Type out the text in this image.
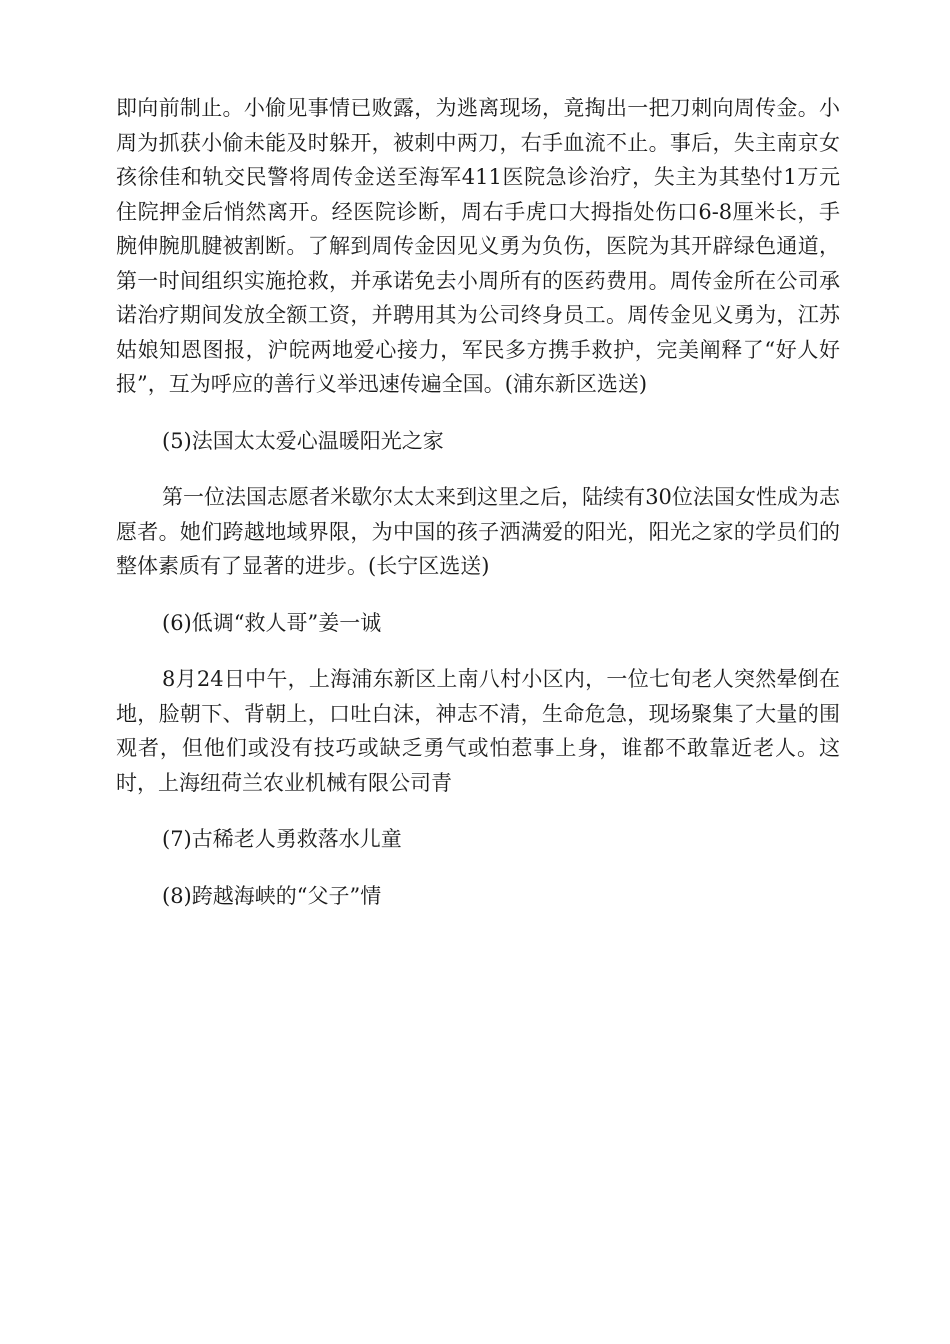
即向前制止。小偷见事情已败露，为逃离现场，竟掏出一把刀刺向周传金。小周为抓获小偷未能及时躲开，被刺中两刀，右手血流不止。事后，失主南京女孩徐佳和轨交民警将周传金送至海军411医院急诊治疗，失主为其垫付1万元住院押金后悄然离开。经医院诊断，周右手虎口大拇指处伤口6-8厘米长，手腕伸腕肌腱被割断。了解到周传金因见义勇为负伤，医院为其开辟绿色通道，第一时间组织实施抢救，并承诺免去小周所有的医药费用。周传金所在公司承诺治疗期间发放全额工资，并聘用其为公司终身员工。周传金见义勇为，江苏姑娘知恩图报，沪皖两地爱心接力，军民多方携手救护，完美阐释了“好人好报”，互为呼应的善行义举迅速传遍全国。(浦东新区选送)

(5)法国太太爱心温暖阳光之家

第一位法国志愿者米歇尔太太来到这里之后，陆续有30位法国女性成为志愿者。她们跨越地域界限，为中国的孩子洒满爱的阳光，阳光之家的学员们的整体素质有了显著的进步。(长宁区选送)

(6)低调“救人哥”姜一诚

8月24日中午，上海浦东新区上南八村小区内，一位七旬老人突然晕倒在地，脸朝下、背朝上，口吐白沫，神志不清，生命危急，现场聚集了大量的围观者，但他们或没有技巧或缺乏勇气或怕惹事上身，谁都不敢靠近老人。这时，上海纽荷兰农业机械有限公司青

(7)古稀老人勇救落水儿童

(8)跨越海峡的“父子”情
